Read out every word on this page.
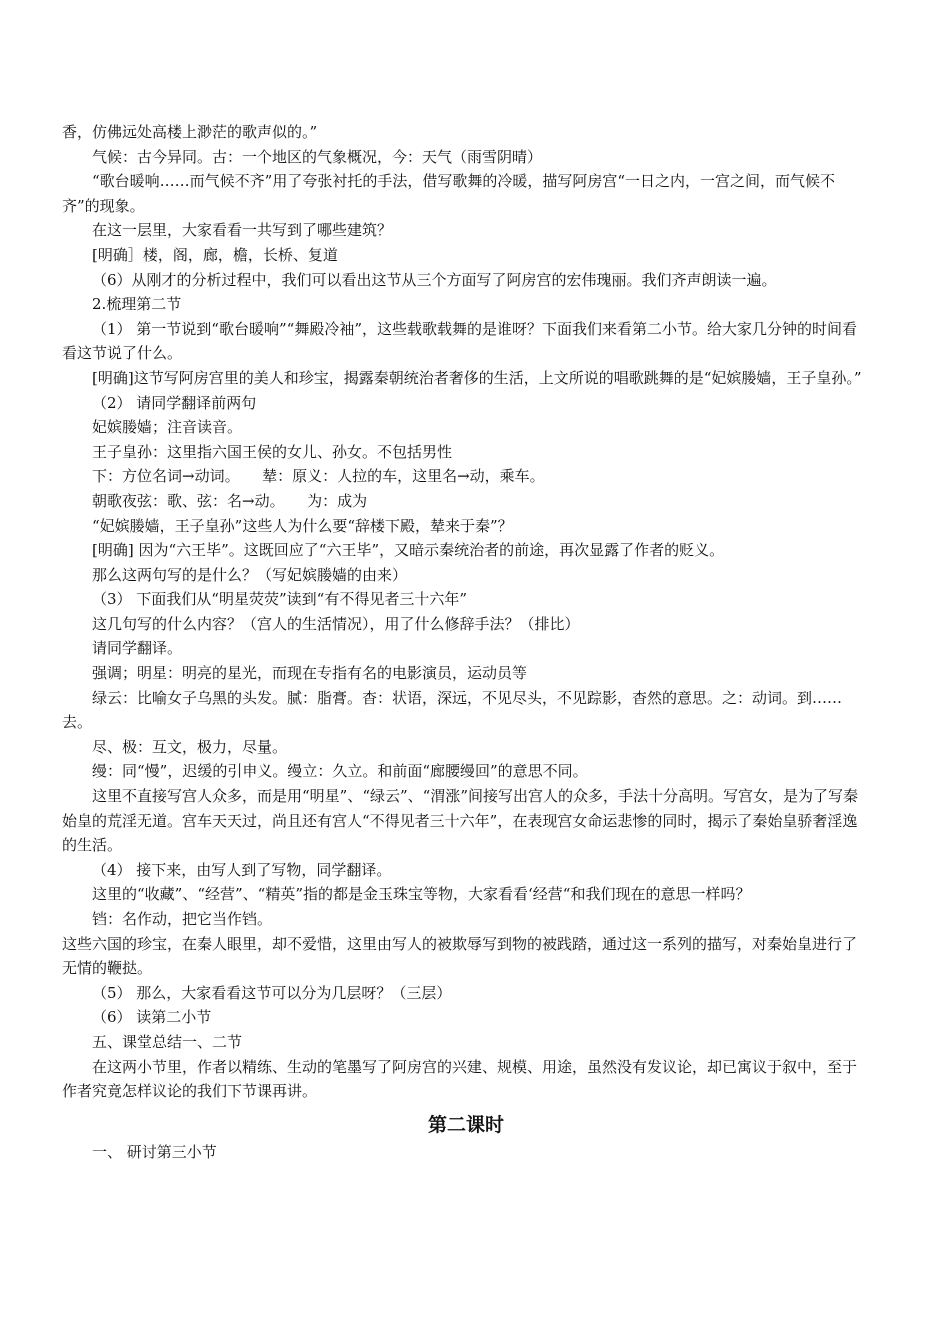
香，仿佛远处高楼上渺茫的歌声似的。”

气候：古今异同。古：一个地区的气象概况，今：天气（雨雪阴晴）

“歌台暖响……而气候不齐”用了夸张衬托的手法，借写歌舞的冷暖，描写阿房宫“一日之内，一宫之间，而气候不齐”的现象。

在这一层里，大家看看一共写到了哪些建筑？

[明确］楼，阁，廊，檐，长桥、复道

（6）从刚才的分析过程中，我们可以看出这节从三个方面写了阿房宫的宏伟瑰丽。我们齐声朗读一遍。

2.梳理第二节

（1） 第一节说到“歌台暖响”“舞殿冷袖”，这些载歌载舞的是谁呀？下面我们来看第二小节。给大家几分钟的时间看看这节说了什么。

[明确]这节写阿房宫里的美人和珍宝，揭露秦朝统治者奢侈的生活，上文所说的唱歌跳舞的是“妃嫔媵嫱，王子皇孙。”

（2） 请同学翻译前两句

妃嫔媵嫱；注音读音。

王子皇孙：这里指六国王侯的女儿、孙女。不包括男性

下：方位名词→动词。　　辇：原义：人拉的车，这里名→动，乘车。

朝歌夜弦：歌、弦：名→动。　　为：成为

“妃嫔媵嫱，王子皇孙”这些人为什么要“辞楼下殿，辇来于秦”？

[明确] 因为“六王毕”。这既回应了“六王毕”，又暗示秦统治者的前途，再次显露了作者的贬义。

那么这两句写的是什么？（写妃嫔媵嫱的由来）

（3） 下面我们从“明星荧荧”读到“有不得见者三十六年”

这几句写的什么内容？（宫人的生活情况），用了什么修辞手法？（排比）

请同学翻译。

强调；明星：明亮的星光，而现在专指有名的电影演员，运动员等

绿云：比喻女子乌黑的头发。腻：脂膏。杳：状语，深远，不见尽头，不见踪影，杳然的意思。之：动词。到……去。

尽、极：互文，极力，尽量。

缦：同“慢”，迟缓的引申义。缦立：久立。和前面“廊腰缦回”的意思不同。

这里不直接写宫人众多，而是用“明星”、“绿云”、“渭涨”间接写出宫人的众多，手法十分高明。写宫女，是为了写秦始皇的荒淫无道。宫车天天过，尚且还有宫人“不得见者三十六年”，在表现宫女命运悲惨的同时，揭示了秦始皇骄奢淫逸的生活。

（4） 接下来，由写人到了写物，同学翻译。

这里的“收藏”、“经营”、“精英”指的都是金玉珠宝等物，大家看看‘经营“和我们现在的意思一样吗？

铛：名作动，把它当作铛。

这些六国的珍宝，在秦人眼里，却不爱惜，这里由写人的被欺辱写到物的被践踏，通过这一系列的描写，对秦始皇进行了无情的鞭挞。

（5） 那么，大家看看这节可以分为几层呀？（三层）

（6） 读第二小节

五、课堂总结一、二节

在这两小节里，作者以精练、生动的笔墨写了阿房宫的兴建、规模、用途，虽然没有发议论，却已寓议于叙中，至于作者究竟怎样议论的我们下节课再讲。

第二课时

一、 研讨第三小节
